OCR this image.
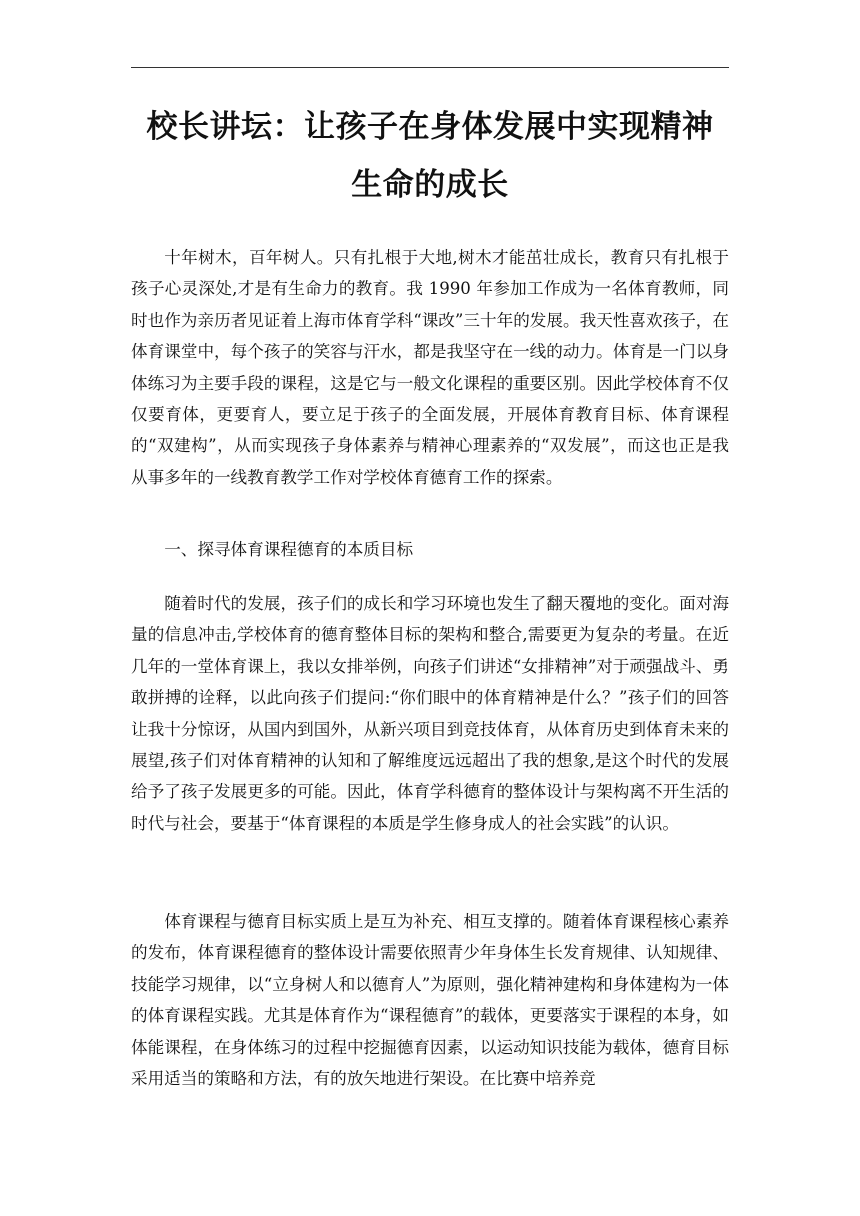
校长讲坛：让孩子在身体发展中实现精神生命的成长

十年树木，百年树人。只有扎根于大地,树木才能茁壮成长，教育只有扎根于孩子心灵深处,才是有生命力的教育。我 1990 年参加工作成为一名体育教师，同时也作为亲历者见证着上海市体育学科“课改”三十年的发展。我天性喜欢孩子，在体育课堂中，每个孩子的笑容与汗水，都是我坚守在一线的动力。体育是一门以身体练习为主要手段的课程，这是它与一般文化课程的重要区别。因此学校体育不仅仅要育体，更要育人，要立足于孩子的全面发展，开展体育教育目标、体育课程的“双建构”，从而实现孩子身体素养与精神心理素养的“双发展”，而这也正是我从事多年的一线教育教学工作对学校体育德育工作的探索。

一、探寻体育课程德育的本质目标

随着时代的发展，孩子们的成长和学习环境也发生了翻天覆地的变化。面对海量的信息冲击,学校体育的德育整体目标的架构和整合,需要更为复杂的考量。在近几年的一堂体育课上，我以女排举例，向孩子们讲述“女排精神”对于顽强战斗、勇敢拼搏的诠释，以此向孩子们提问:“你们眼中的体育精神是什么？”孩子们的回答让我十分惊讶，从国内到国外，从新兴项目到竞技体育，从体育历史到体育未来的展望,孩子们对体育精神的认知和了解维度远远超出了我的想象,是这个时代的发展给予了孩子发展更多的可能。因此，体育学科德育的整体设计与架构离不开生活的时代与社会，要基于“体育课程的本质是学生修身成人的社会实践”的认识。

体育课程与德育目标实质上是互为补充、相互支撑的。随着体育课程核心素养的发布，体育课程德育的整体设计需要依照青少年身体生长发育规律、认知规律、技能学习规律，以“立身树人和以德育人”为原则，强化精神建构和身体建构为一体的体育课程实践。尤其是体育作为“课程德育”的载体，更要落实于课程的本身，如体能课程，在身体练习的过程中挖掘德育因素，以运动知识技能为载体，德育目标采用适当的策略和方法，有的放矢地进行架设。在比赛中培养竞
